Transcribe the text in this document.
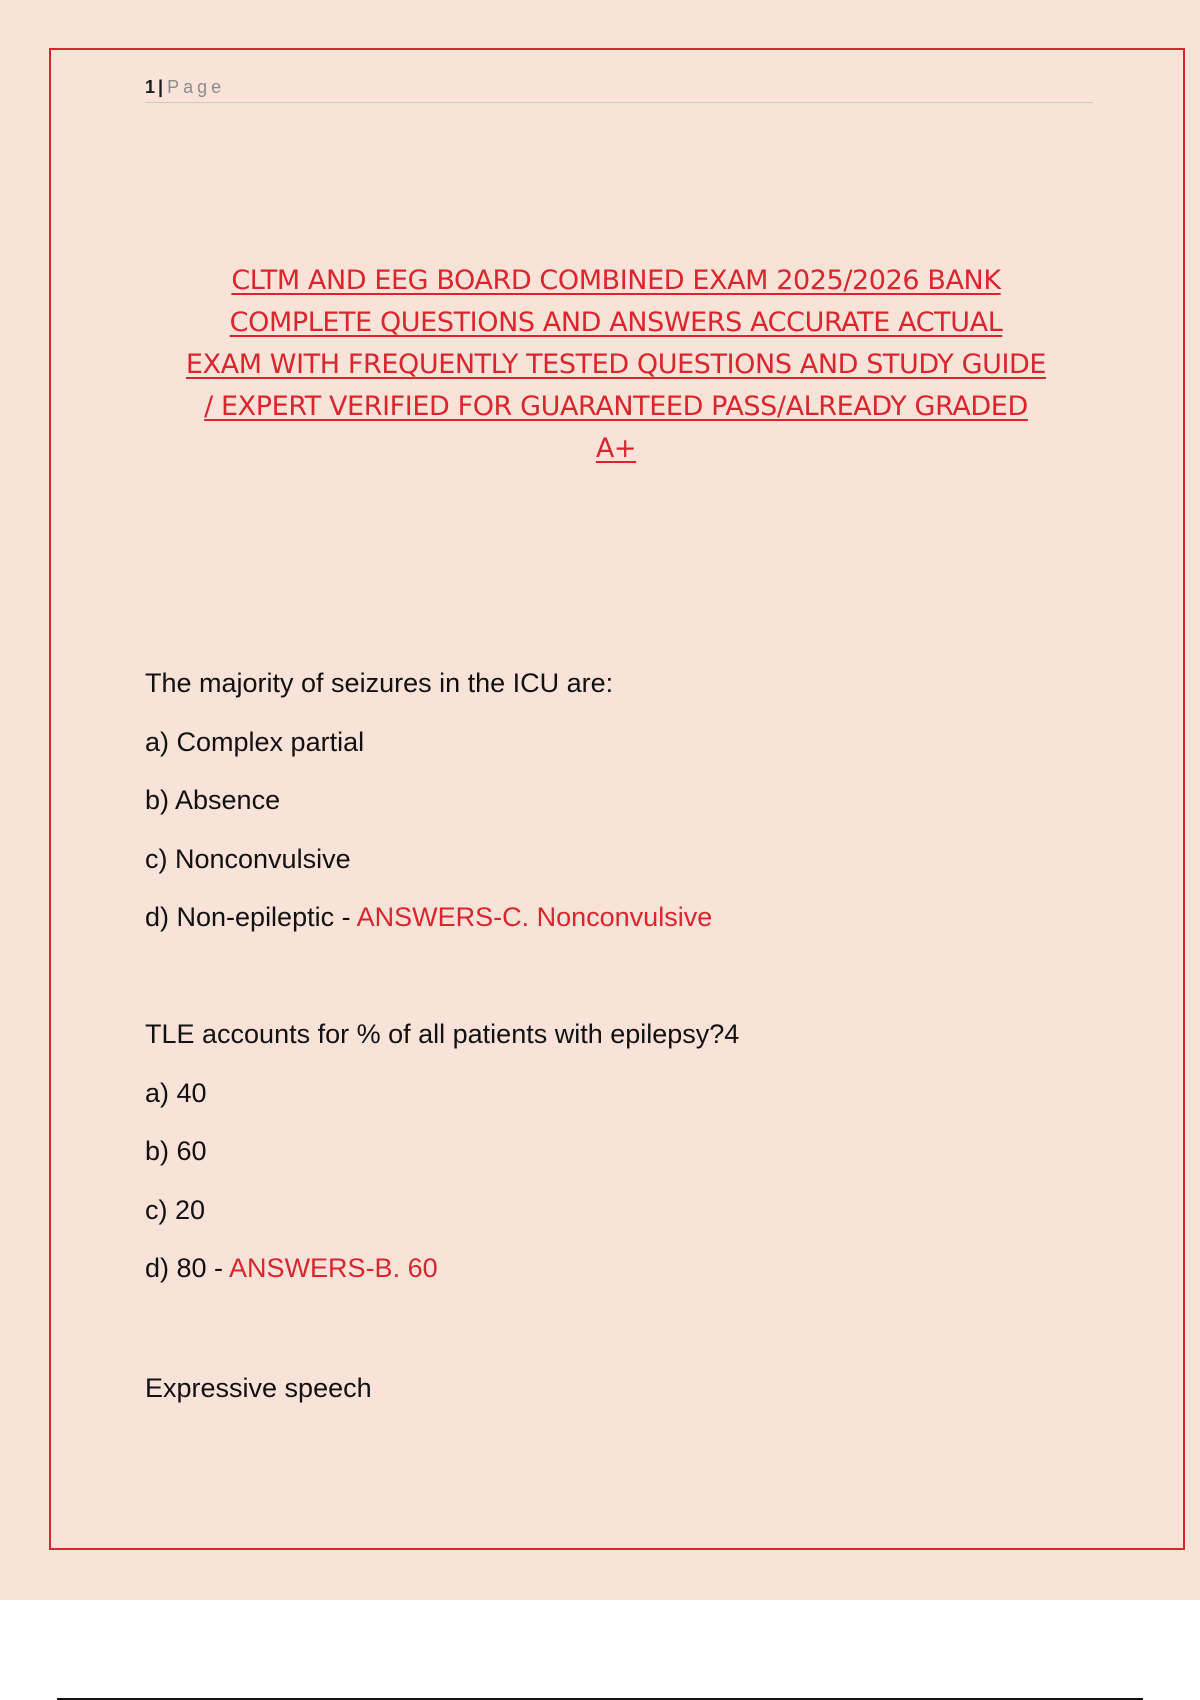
1 | Page
CLTM AND EEG BOARD COMBINED EXAM 2025/2026 BANK
COMPLETE QUESTIONS AND ANSWERS ACCURATE ACTUAL
EXAM WITH FREQUENTLY TESTED QUESTIONS AND STUDY GUIDE
/ EXPERT VERIFIED FOR GUARANTEED PASS/ALREADY GRADED
A+

The majority of seizures in the ICU are:

a) Complex partial

b) Absence

c) Nonconvulsive

d) Non-epileptic - ANSWERS-C. Nonconvulsive

TLE accounts for % of all patients with epilepsy?4

a) 40

b) 60

c) 20

d) 80 - ANSWERS-B. 60

Expressive speech
